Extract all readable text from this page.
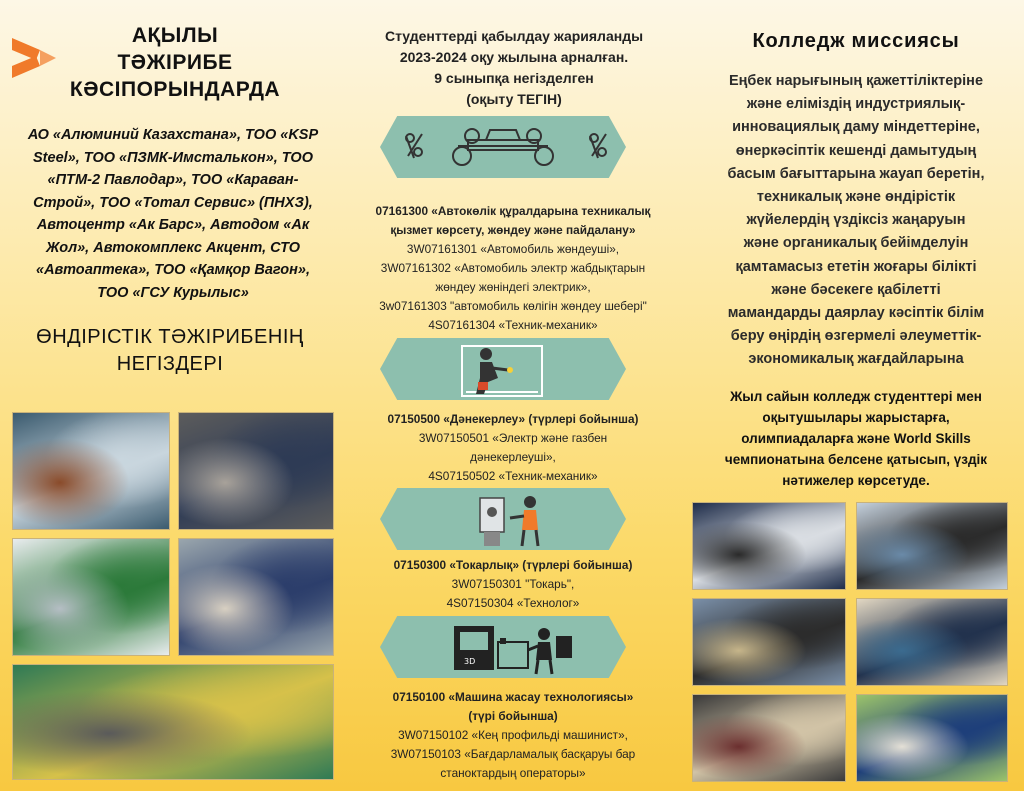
АҚЫЛЫ
ТӘЖІРИБЕ
КӘСІПОРЫНДАРДА
АО «Алюминий Казахстана», ТОО «KSP
Steel», ТОО «ПЗМК-Имсталькон», ТОО
«ПТМ-2 Павлодар», ТОО «Караван-
Строй», ТОО «Тотал Сервис» (ПНХЗ),
Автоцентр «Ак Барс», Автодом «Ак
Жол», Автокомплекс Акцент, СТО
«Автоаптека», ТОО «Қамқор Вагон»,
ТОО «ГСУ Курылыс»
ӨНДІРІСТІК ТӘЖІРИБЕНІҢ
НЕГІЗДЕРІ
Студенттерді қабылдау жарияланды
2023-2024 оқу жылына арналған.
9 сыныпқа негізделген
(оқыту ТЕГІН)
07161300 «Автокөлік құралдарына техникалық
қызмет көрсету, жөндеу және пайдалану»
3W07161301 «Автомобиль жөндеуші»,
3W07161302 «Автомобиль электр жабдықтарын
жөндеу жөніндегі электрик»,
3w07161303 "автомобиль көлігін жөндеу шебері"
4S07161304 «Техник-механик»
07150500 «Дәнекерлеу» (түрлері бойынша)
3W07150501 «Электр және газбен
дәнекерлеуші»,
4S07150502 «Техник-механик»
07150300 «Токарлық» (түрлері бойынша)
3W07150301 "Токарь",
4S07150304 «Технолог»
3D
07150100 «Машина жасау технологиясы»
(түрі бойынша)
3W07150102 «Кең профильді машинист»,
3W07150103 «Бағдарламалық басқаруы бар
станоктардың операторы»
Колледж миссиясы
Еңбек нарығының қажеттіліктеріне
және еліміздің индустриялық-
инновациялық даму міндеттеріне,
өнеркәсіптік кешенді дамытудың
басым бағыттарына жауап беретін,
техникалық және өндірістік
жүйелердің үздіксіз жаңаруын
және органикалық бейімделуін
қамтамасыз ететін жоғары білікті
және бәсекеге қабілетті
мамандарды даярлау кәсіптік білім
беру өңірдің өзгермелі әлеуметтік-
экономикалық жағдайларына
Жыл сайын колледж студенттері мен
оқытушылары жарыстарға,
олимпиадаларға және World Skills
чемпионатына белсене қатысып, үздік
нәтижелер көрсетуде.
